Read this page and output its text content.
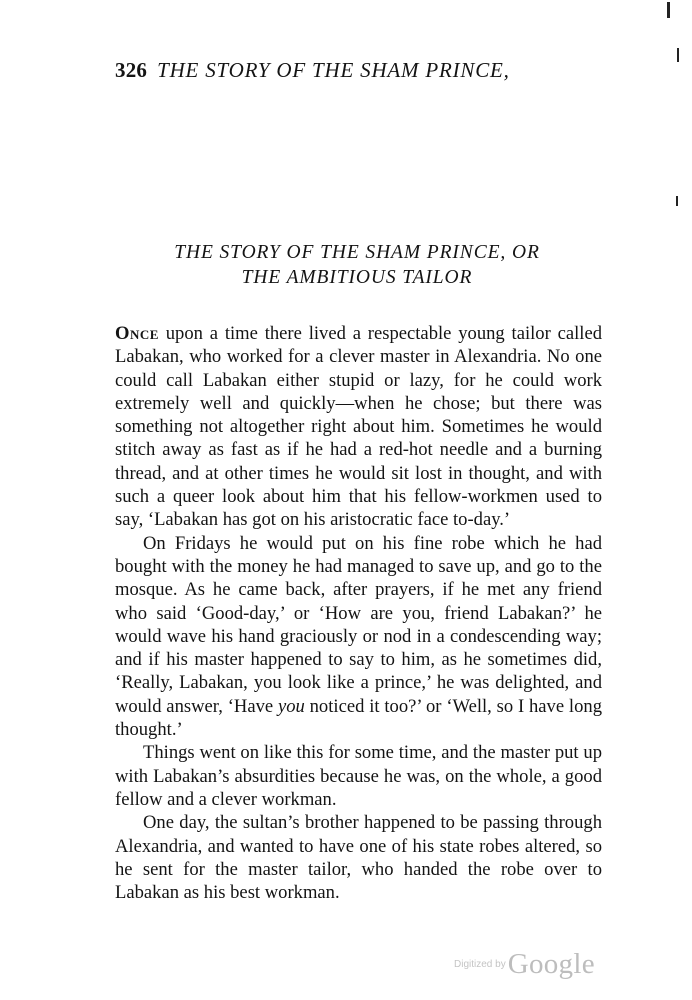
326 THE STORY OF THE SHAM PRINCE,
THE STORY OF THE SHAM PRINCE, OR
THE AMBITIOUS TAILOR

Once upon a time there lived a respectable young tailor called Labakan, who worked for a clever master in Alexandria. No one could call Labakan either stupid or lazy, for he could work extremely well and quickly—when he chose; but there was something not altogether right about him. Sometimes he would stitch away as fast as if he had a red-hot needle and a burning thread, and at other times he would sit lost in thought, and with such a queer look about him that his fellow-workmen used to say, ‘Labakan has got on his aristocratic face to-day.’

On Fridays he would put on his fine robe which he had bought with the money he had managed to save up, and go to the mosque. As he came back, after prayers, if he met any friend who said ‘Good-day,’ or ‘How are you, friend Labakan?’ he would wave his hand graciously or nod in a condescending way; and if his master happened to say to him, as he sometimes did, ‘Really, Labakan, you look like a prince,’ he was delighted, and would answer, ‘Have you noticed it too?’ or ‘Well, so I have long thought.’

Things went on like this for some time, and the master put up with Labakan’s absurdities because he was, on the whole, a good fellow and a clever workman.

One day, the sultan’s brother happened to be passing through Alexandria, and wanted to have one of his state robes altered, so he sent for the master tailor, who handed the robe over to Labakan as his best workman.

$^{Digitized by}$Google
